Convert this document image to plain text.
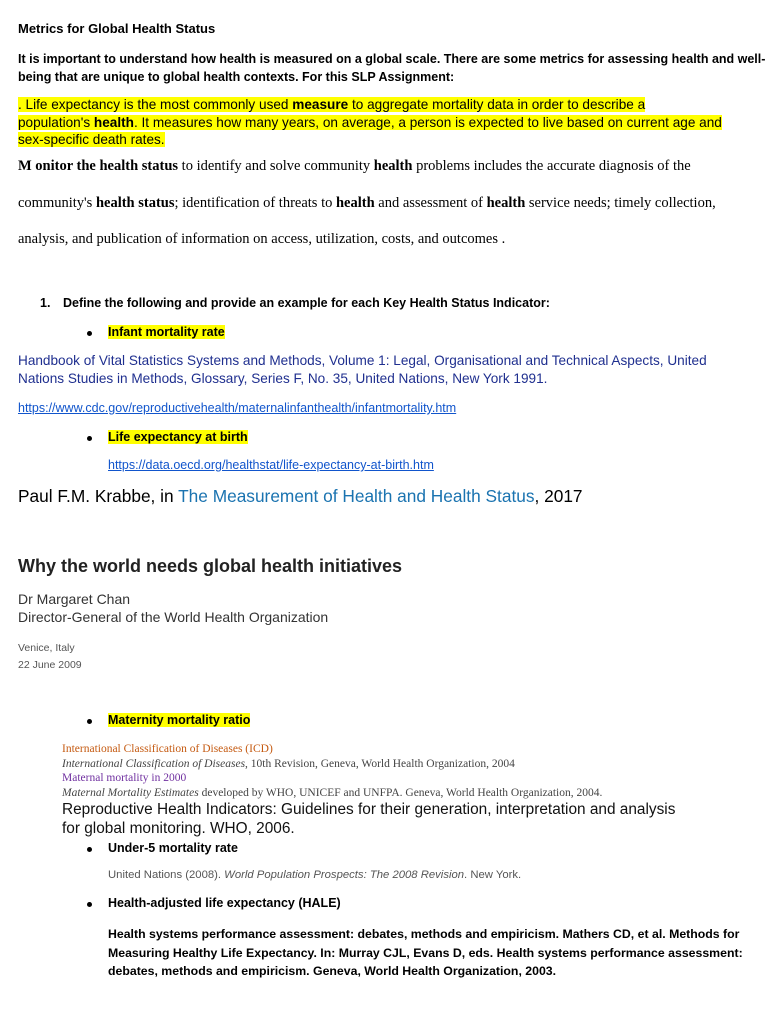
Metrics for Global Health Status
It is important to understand how health is measured on a global scale. There are some metrics for assessing health and well-
being that are unique to global health contexts. For this SLP Assignment:
. Life expectancy is the most commonly used measure to aggregate mortality data in order to describe a
population's health. It measures how many years, on average, a person is expected to live based on current age and
sex-specific death rates.
M onitor the health status to identify and solve community health problems includes the accurate diagnosis of the
community's health status; identification of threats to health and assessment of health service needs; timely collection,
analysis, and publication of information on access, utilization, costs, and outcomes .
1. Define the following and provide an example for each Key Health Status Indicator:
Infant mortality rate
Handbook of Vital Statistics Systems and Methods, Volume 1: Legal, Organisational and Technical Aspects, United
Nations Studies in Methods, Glossary, Series F, No. 35, United Nations, New York 1991.
https://www.cdc.gov/reproductivehealth/maternalinfanthealth/infantmortality.htm
Life expectancy at birth
https://data.oecd.org/healthstat/life-expectancy-at-birth.htm
Paul F.M. Krabbe, in The Measurement of Health and Health Status, 2017
Why the world needs global health initiatives
Dr Margaret Chan
Director-General of the World Health Organization
Venice, Italy
22 June 2009
Maternity mortality ratio
International Classification of Diseases (ICD)
International Classification of Diseases, 10th Revision, Geneva, World Health Organization, 2004
Maternal mortality in 2000
Maternal Mortality Estimates developed by WHO, UNICEF and UNFPA. Geneva, World Health Organization, 2004.
Reproductive Health Indicators: Guidelines for their generation, interpretation and analysis
for global monitoring. WHO, 2006.
Under-5 mortality rate
United Nations (2008). World Population Prospects: The 2008 Revision. New York.
Health-adjusted life expectancy (HALE)
Health systems performance assessment: debates, methods and empiricism. Mathers CD, et al. Methods for
Measuring Healthy Life Expectancy. In: Murray CJL, Evans D, eds. Health systems performance assessment:
debates, methods and empiricism. Geneva, World Health Organization, 2003.
